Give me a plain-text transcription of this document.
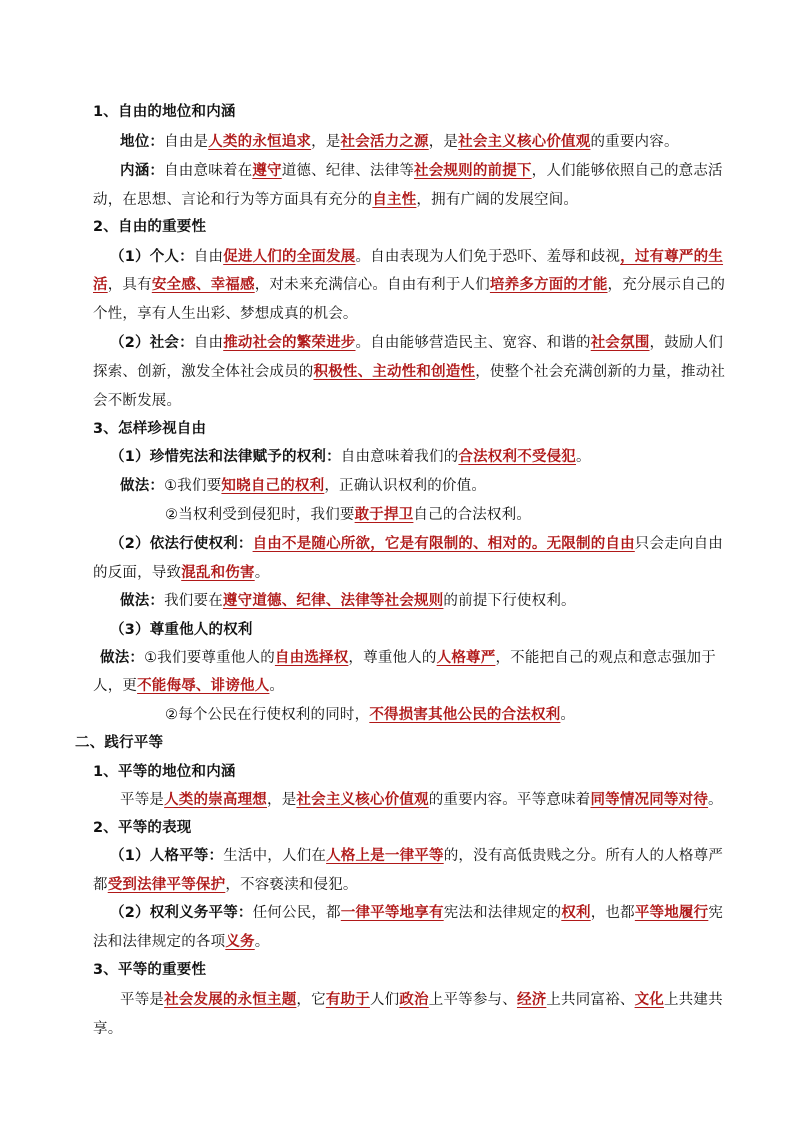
1、自由的地位和内涵
地位：自由是人类的永恒追求，是社会活力之源，是社会主义核心价值观的重要内容。
内涵：自由意味着在遵守道德、纪律、法律等社会规则的前提下，人们能够依照自己的意志活
动，在思想、言论和行为等方面具有充分的自主性，拥有广阔的发展空间。
2、自由的重要性
（1）个人：自由促进人们的全面发展。自由表现为人们免于恐吓、羞辱和歧视，过有尊严的生
活，具有安全感、幸福感，对未来充满信心。自由有利于人们培养多方面的才能，充分展示自己的
个性，享有人生出彩、梦想成真的机会。
（2）社会：自由推动社会的繁荣进步。自由能够营造民主、宽容、和谐的社会氛围，鼓励人们
探索、创新，激发全体社会成员的积极性、主动性和创造性，使整个社会充满创新的力量，推动社
会不断发展。
3、怎样珍视自由
（1）珍惜宪法和法律赋予的权利：自由意味着我们的合法权利不受侵犯。
做法：①我们要知晓自己的权利，正确认识权利的价值。
②当权利受到侵犯时，我们要敢于捍卫自己的合法权利。
（2）依法行使权利：自由不是随心所欲，它是有限制的、相对的。无限制的自由只会走向自由
的反面，导致混乱和伤害。
做法：我们要在遵守道德、纪律、法律等社会规则的前提下行使权利。
（3）尊重他人的权利
做法：①我们要尊重他人的自由选择权，尊重他人的人格尊严，不能把自己的观点和意志强加于
人，更不能侮辱、诽谤他人。
②每个公民在行使权利的同时，不得损害其他公民的合法权利。
二、践行平等
1、平等的地位和内涵
平等是人类的崇高理想，是社会主义核心价值观的重要内容。平等意味着同等情况同等对待。
2、平等的表现
（1）人格平等：生活中，人们在人格上是一律平等的，没有高低贵贱之分。所有人的人格尊严
都受到法律平等保护，不容亵渎和侵犯。
（2）权利义务平等：任何公民，都一律平等地享有宪法和法律规定的权利，也都平等地履行宪
法和法律规定的各项义务。
3、平等的重要性
平等是社会发展的永恒主题，它有助于人们政治上平等参与、经济上共同富裕、文化上共建共
享。
